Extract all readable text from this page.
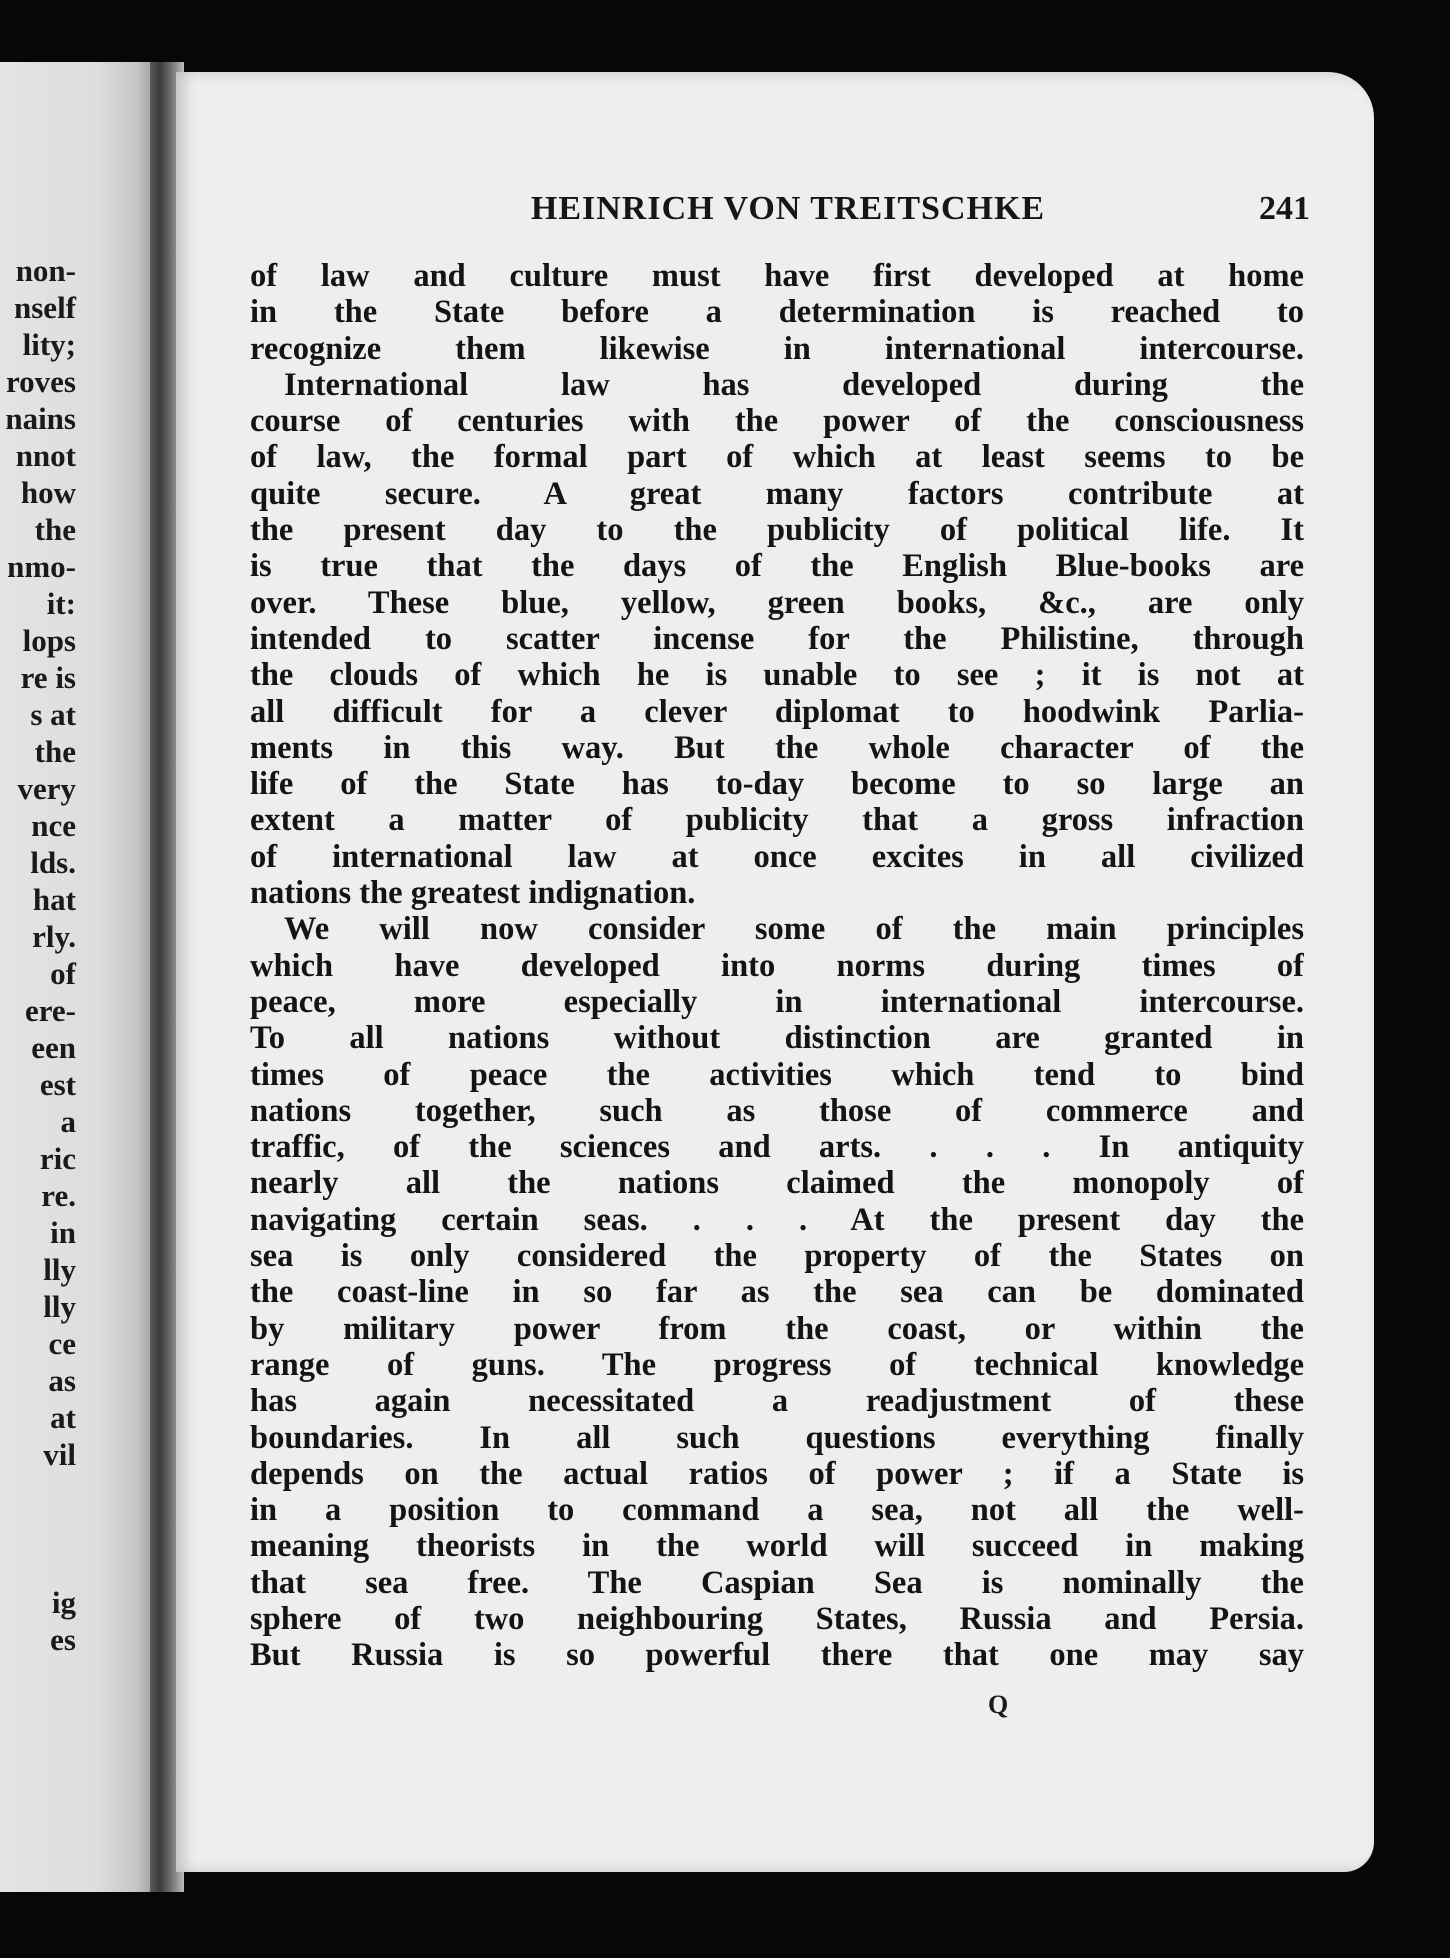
non-
nself
lity;
roves
nains
nnot
how
the
nmo-
it:
lops
re is
s at
the
very
nce
lds.
hat
rly.
of
ere-
een
est
a
ric
re.
in
lly
lly
ce
as
at
vil
ig
es
HEINRICH VON TREITSCHKE	241
of law and culture must have first developed at home
in the State before a determination is reached to
recognize them likewise in international intercourse.
International law has developed during the
course of centuries with the power of the consciousness
of law, the formal part of which at least seems to be
quite secure. A great many factors contribute at
the present day to the publicity of political life. It
is true that the days of the English Blue-books are
over. These blue, yellow, green books, &c., are only
intended to scatter incense for the Philistine, through
the clouds of which he is unable to see ; it is not at
all difficult for a clever diplomat to hoodwink Parlia-
ments in this way. But the whole character of the
life of the State has to-day become to so large an
extent a matter of publicity that a gross infraction
of international law at once excites in all civilized
nations the greatest indignation.
We will now consider some of the main principles
which have developed into norms during times of
peace, more especially in international intercourse.
To all nations without distinction are granted in
times of peace the activities which tend to bind
nations together, such as those of commerce and
traffic, of the sciences and arts. . . . In antiquity
nearly all the nations claimed the monopoly of
navigating certain seas. . . . At the present day the
sea is only considered the property of the States on
the coast-line in so far as the sea can be dominated
by military power from the coast, or within the
range of guns. The progress of technical knowledge
has again necessitated a readjustment of these
boundaries. In all such questions everything finally
depends on the actual ratios of power ; if a State is
in a position to command a sea, not all the well-
meaning theorists in the world will succeed in making
that sea free. The Caspian Sea is nominally the
sphere of two neighbouring States, Russia and Persia.
But Russia is so powerful there that one may say
Q
